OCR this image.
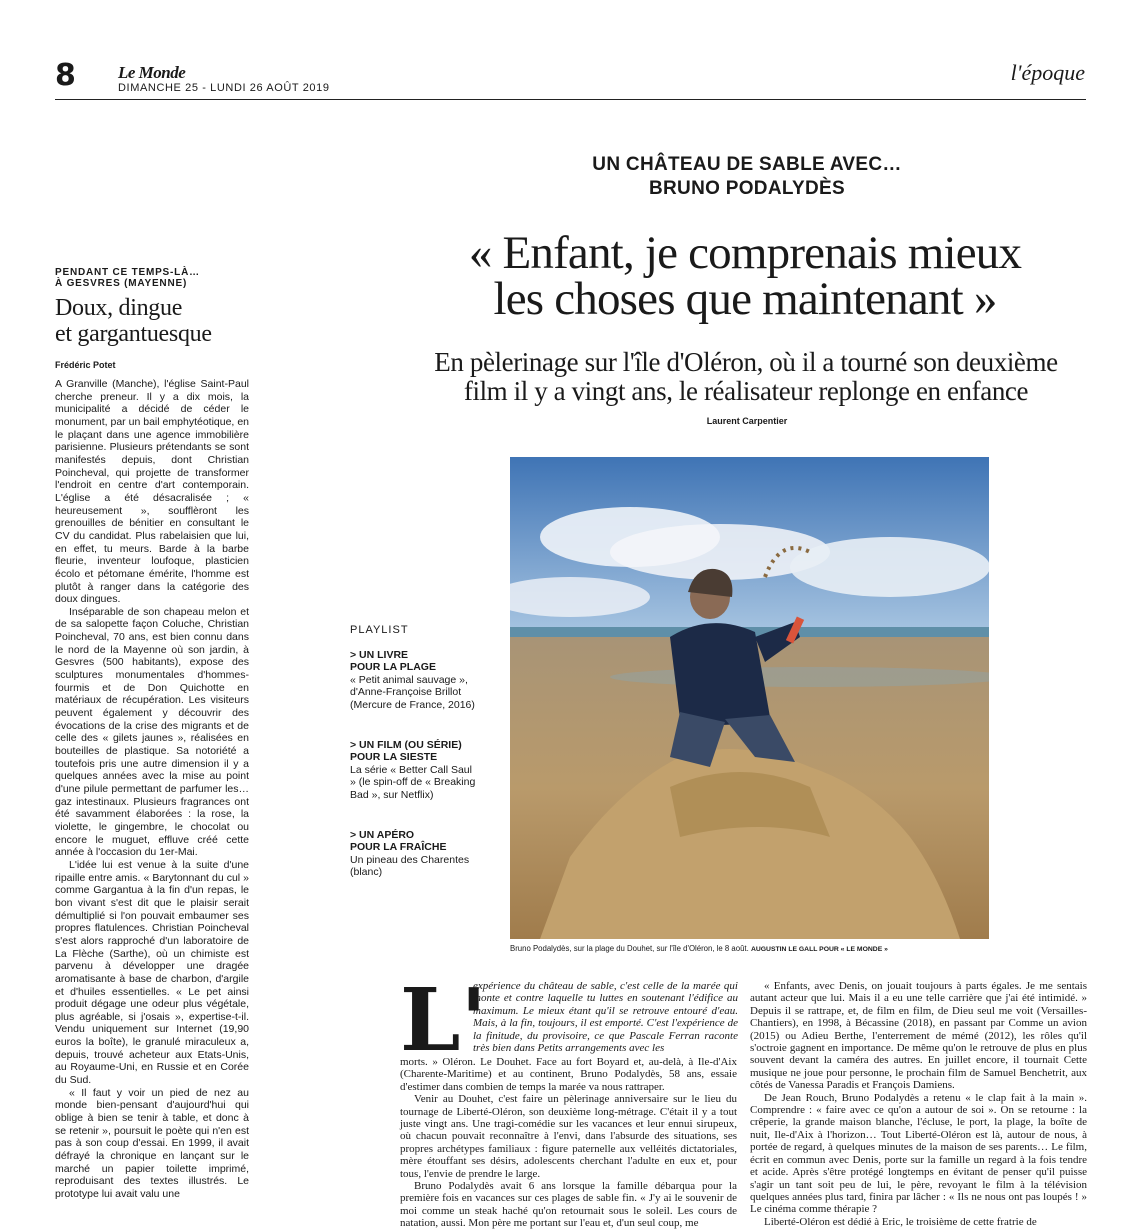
8 Le Monde
DIMANCHE 25 - LUNDI 26 AOÛT 2019
l'époque
UN CHÂTEAU DE SABLE AVEC…
BRUNO PODALYDÈS
« Enfant, je comprenais mieux
les choses que maintenant »
En pèlerinage sur l'île d'Oléron, où il a tourné son deuxième
film il y a vingt ans, le réalisateur replonge en enfance
Laurent Carpentier
PENDANT CE TEMPS-LÀ…
À GESVRES (MAYENNE)
Doux, dingue
et gargantuesque
Frédéric Potet

A Granville (Manche), l'église Saint-Paul cherche preneur. Il y a dix mois, la municipalité a décidé de céder le monument, par un bail emphytéotique, en le plaçant dans une agence immobilière parisienne. Plusieurs prétendants se sont manifestés depuis, dont Christian Poincheval, qui projette de transformer l'endroit en centre d'art contemporain. L'église a été désacralisée ; « heureusement », soufflèront les grenouilles de bénitier en consultant le CV du candidat. Plus rabelaisien que lui, en effet, tu meurs. Barde à la barbe fleurie, inventeur loufoque, plasticien écolo et pétomane émérite, l'homme est plutôt à ranger dans la catégorie des doux dingues.

Inséparable de son chapeau melon et de sa salopette façon Coluche, Christian Poincheval, 70 ans, est bien connu dans le nord de la Mayenne où son jardin, à Gesvres (500 habitants), expose des sculptures monumentales d'hommes-fourmis et de Don Quichotte en matériaux de récupération. Les visiteurs peuvent également y découvrir des évocations de la crise des migrants et de celle des « gilets jaunes », réalisées en bouteilles de plastique. Sa notoriété a toutefois pris une autre dimension il y a quelques années avec la mise au point d'une pilule permettant de parfumer les… gaz intestinaux. Plusieurs fragrances ont été savamment élaborées : la rose, la violette, le gingembre, le chocolat ou encore le muguet, effluve créé cette année à l'occasion du 1er-Mai.

L'idée lui est venue à la suite d'une ripaille entre amis. « Barytonnant du cul » comme Gargantua à la fin d'un repas, le bon vivant s'est dit que le plaisir serait démultiplié si l'on pouvait embaumer ses propres flatulences. Christian Poincheval s'est alors rapproché d'un laboratoire de La Flèche (Sarthe), où un chimiste est parvenu à développer une dragée aromatisante à base de charbon, d'argile et d'huiles essentielles. « Le pet ainsi produit dégage une odeur plus végétale, plus agréable, si j'osais », expertise-t-il. Vendu uniquement sur Internet (19,90 euros la boîte), le granulé miraculeux a, depuis, trouvé acheteur aux Etats-Unis, au Royaume-Uni, en Russie et en Corée du Sud.

« Il faut y voir un pied de nez au monde bien-pensant d'aujourd'hui qui oblige à bien se tenir à table, et donc à se retenir », poursuit le poète qui n'en est pas à son coup d'essai. En 1999, il avait défrayé la chronique en lançant sur le marché un papier toilette imprimé, reproduisant des textes illustrés. Le prototype lui avait valu une

PLAYLIST
> UN LIVRE
POUR LA PLAGE
« Petit animal sauvage », d'Anne-Françoise Brillot (Mercure de France, 2016)
> UN FILM (OU SÉRIE)
POUR LA SIESTE
La série « Better Call Saul » (le spin-off de « Breaking Bad », sur Netflix)
> UN APÉRO
POUR LA FRAÎCHE
Un pineau des Charentes (blanc)
Bruno Podalydès, sur la plage du Douhet, sur l'île d'Oléron, le 8 août. AUGUSTIN LE GALL POUR « LE MONDE »
L'
expérience du château de sable, c'est celle de la marée qui monte et contre laquelle tu luttes en soutenant l'édifice au maximum. Le mieux étant qu'il se retrouve entouré d'eau. Mais, à la fin, toujours, il est emporté. C'est l'expérience de la finitude, du provisoire, ce que Pascale Ferran raconte très bien dans Petits arrangements avec les

morts. » Oléron. Le Douhet. Face au fort Boyard et, au-delà, à Ile-d'Aix (Charente-Maritime) et au continent, Bruno Podalydès, 58 ans, essaie d'estimer dans combien de temps la marée va nous rattraper.

Venir au Douhet, c'est faire un pèlerinage anniversaire sur le lieu du tournage de Liberté-Oléron, son deuxième long-métrage. C'était il y a tout juste vingt ans. Une tragi-comédie sur les vacances et leur ennui sirupeux, où chacun pouvait reconnaître à l'envi, dans l'absurde des situations, ses propres archétypes familiaux : figure paternelle aux velléités dictatoriales, mère étouffant ses désirs, adolescents cherchant l'adulte en eux et, pour tous, l'envie de prendre le large.

Bruno Podalydès avait 6 ans lorsque la famille débarqua pour la première fois en vacances sur ces plages de sable fin. « J'y ai le souvenir de moi comme un steak haché qu'on retournait sous le soleil. Les cours de natation, aussi. Mon père me portant sur l'eau et, d'un seul coup, me

« Enfants, avec Denis, on jouait toujours à parts égales. Je me sentais autant acteur que lui. Mais il a eu une telle carrière que j'ai été intimidé. » Depuis il se rattrape, et, de film en film, de Dieu seul me voit (Versailles-Chantiers), en 1998, à Bécassine (2018), en passant par Comme un avion (2015) ou Adieu Berthe, l'enterrement de mémé (2012), les rôles qu'il s'octroie gagnent en importance. De même qu'on le retrouve de plus en plus souvent devant la caméra des autres. En juillet encore, il tournait Cette musique ne joue pour personne, le prochain film de Samuel Benchetrit, aux côtés de Vanessa Paradis et François Damiens.

De Jean Rouch, Bruno Podalydès a retenu « le clap fait à la main ». Comprendre : « faire avec ce qu'on a autour de soi ». On se retourne : la crêperie, la grande maison blanche, l'écluse, le port, la plage, la boîte de nuit, Ile-d'Aix à l'horizon… Tout Liberté-Oléron est là, autour de nous, à portée de regard, à quelques minutes de la maison de ses parents… Le film, écrit en commun avec Denis, porte sur la famille un regard à la fois tendre et acide. Après s'être protégé longtemps en évitant de penser qu'il puisse s'agir un tant soit peu de lui, le père, revoyant le film à la télévision quelques années plus tard, finira par lâcher : « Ils ne nous ont pas loupés ! » Le cinéma comme thérapie ?

Liberté-Oléron est dédié à Eric, le troisième de cette fratrie de
